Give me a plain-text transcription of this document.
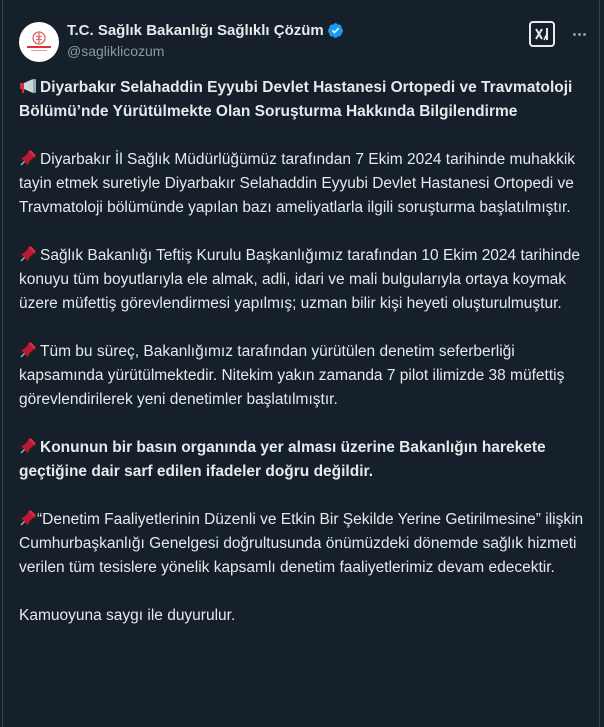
T.C. Sağlık Bakanlığı Sağlıklı Çözüm
@sagliklicozum

Diyarbakır Selahaddin Eyyubi Devlet Hastanesi Ortopedi ve Travmatoloji Bölümü’nde Yürütülmekte Olan Soruşturma Hakkında Bilgilendirme

Diyarbakır İl Sağlık Müdürlüğümüz tarafından 7 Ekim 2024 tarihinde muhakkik tayin etmek suretiyle Diyarbakır Selahaddin Eyyubi Devlet Hastanesi Ortopedi ve Travmatoloji bölümünde yapılan bazı ameliyatlarla ilgili soruşturma başlatılmıştır.

Sağlık Bakanlığı Teftiş Kurulu Başkanlığımız tarafından 10 Ekim 2024 tarihinde konuyu tüm boyutlarıyla ele almak, adli, idari ve mali bulgularıyla ortaya koymak üzere müfettiş görevlendirmesi yapılmış; uzman bilir kişi heyeti oluşturulmuştur.

Tüm bu süreç, Bakanlığımız tarafından yürütülen denetim seferberliği kapsamında yürütülmektedir. Nitekim yakın zamanda 7 pilot ilimizde 38 müfettiş görevlendirilerek yeni denetimler başlatılmıştır.

Konunun bir basın organında yer alması üzerine Bakanlığın harekete geçtiğine dair sarf edilen ifadeler doğru değildir.

“Denetim Faaliyetlerinin Düzenli ve Etkin Bir Şekilde Yerine Getirilmesine” ilişkin Cumhurbaşkanlığı Genelgesi doğrultusunda önümüzdeki dönemde sağlık hizmeti verilen tüm tesislere yönelik kapsamlı denetim faaliyetlerimiz devam edecektir.

Kamuoyuna saygı ile duyurulur.
